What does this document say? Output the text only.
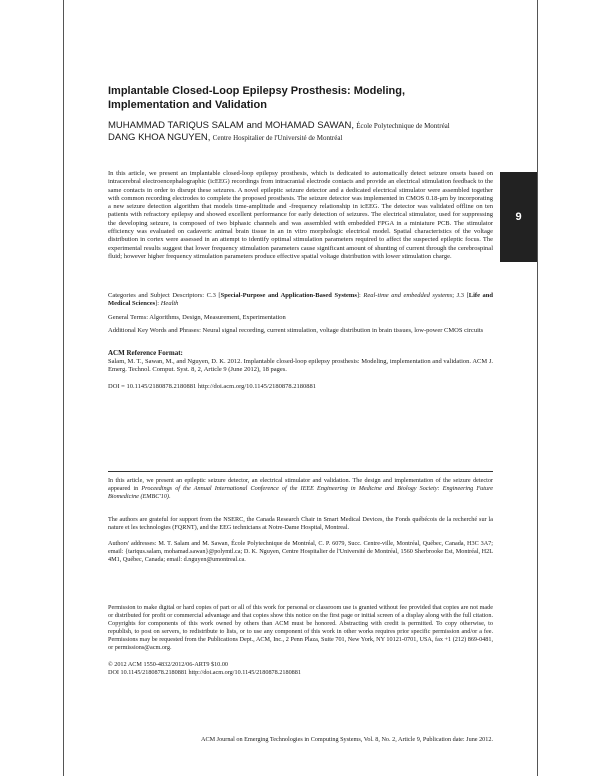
Implantable Closed-Loop Epilepsy Prosthesis: Modeling, Implementation and Validation
MUHAMMAD TARIQUS SALAM and MOHAMAD SAWAN, École Polytechnique de Montréal
DANG KHOA NGUYEN, Centre Hospitalier de l'Université de Montréal
9

In this article, we present an implantable closed-loop epilepsy prosthesis, which is dedicated to automatically detect seizure onsets based on intracerebral electroencephalographic (icEEG) recordings from intracranial electrode contacts and provide an electrical stimulation feedback to the same contacts in order to disrupt these seizures. A novel epileptic seizure detector and a dedicated electrical stimulator were assembled together with common recording electrodes to complete the proposed prosthesis. The seizure detector was implemented in CMOS 0.18-μm by incorporating a new seizure detection algorithm that models time-amplitude and -frequency relationship in icEEG. The detector was validated offline on ten patients with refractory epilepsy and showed excellent performance for early detection of seizures. The electrical stimulator, used for suppressing the developing seizure, is composed of two biphasic channels and was assembled with embedded FPGA in a miniature PCB. The stimulator efficiency was evaluated on cadaveric animal brain tissue in an in vitro morphologic electrical model. Spatial characteristics of the voltage distribution in cortex were assessed in an attempt to identify optimal stimulation parameters required to affect the suspected epileptic focus. The experimental results suggest that lower frequency stimulation parameters cause significant amount of shunting of current through the cerebrospinal fluid; however higher frequency stimulation parameters produce effective spatial voltage distribution with lower stimulation charge.

Categories and Subject Descriptors: C.3 [Special-Purpose and Application-Based Systems]: Real-time and embedded systems; J.3 [Life and Medical Sciences]: Health

General Terms: Algorithms, Design, Measurement, Experimentation

Additional Key Words and Phrases: Neural signal recording, current stimulation, voltage distribution in brain tissues, low-power CMOS circuits

ACM Reference Format:

Salam, M. T., Sawan, M., and Nguyen, D. K. 2012. Implantable closed-loop epilepsy prosthesis: Modeling, implementation and validation. ACM J. Emerg. Technol. Comput. Syst. 8, 2, Article 9 (June 2012), 18 pages.

DOI = 10.1145/2180878.2180881 http://doi.acm.org/10.1145/2180878.2180881

In this article, we present an epileptic seizure detector, an electrical stimulator and validation. The design and implementation of the seizure detector appeared in Proceedings of the Annual International Conference of the IEEE Engineering in Medicine and Biology Society: Engineering Future Biomedicine (EMBC'10).

The authors are grateful for support from the NSERC, the Canada Research Chair in Smart Medical Devices, the Fonds québécois de la recherché sur la nature et les technologies (FQRNT), and the EEG technicians at Notre-Dame Hospital, Montreal.

Authors' addresses: M. T. Salam and M. Sawan, École Polytechnique de Montréal, C. P. 6079, Succ. Centre-ville, Montréal, Québec, Canada, H3C 3A7; email: {tariqus.salam, mohamad.sawan}@polymtl.ca; D. K. Nguyen, Centre Hospitalier de l'Université de Montréal, 1560 Sherbrooke Est, Montréal, H2L 4M1, Québec, Canada; email: d.nguyen@umontreal.ca.

Permission to make digital or hard copies of part or all of this work for personal or classroom use is granted without fee provided that copies are not made or distributed for profit or commercial advantage and that copies show this notice on the first page or initial screen of a display along with the full citation. Copyrights for components of this work owned by others than ACM must be honored. Abstracting with credit is permitted. To copy otherwise, to republish, to post on servers, to redistribute to lists, or to use any component of this work in other works requires prior specific permission and/or a fee. Permissions may be requested from the Publications Dept., ACM, Inc., 2 Penn Plaza, Suite 701, New York, NY 10121-0701, USA, fax +1 (212) 869-0481, or permissions@acm.org.

© 2012 ACM 1550-4832/2012/06-ART9 $10.00
DOI 10.1145/2180878.2180881 http://doi.acm.org/10.1145/2180878.2180881

ACM Journal on Emerging Technologies in Computing Systems, Vol. 8, No. 2, Article 9, Publication date: June 2012.
